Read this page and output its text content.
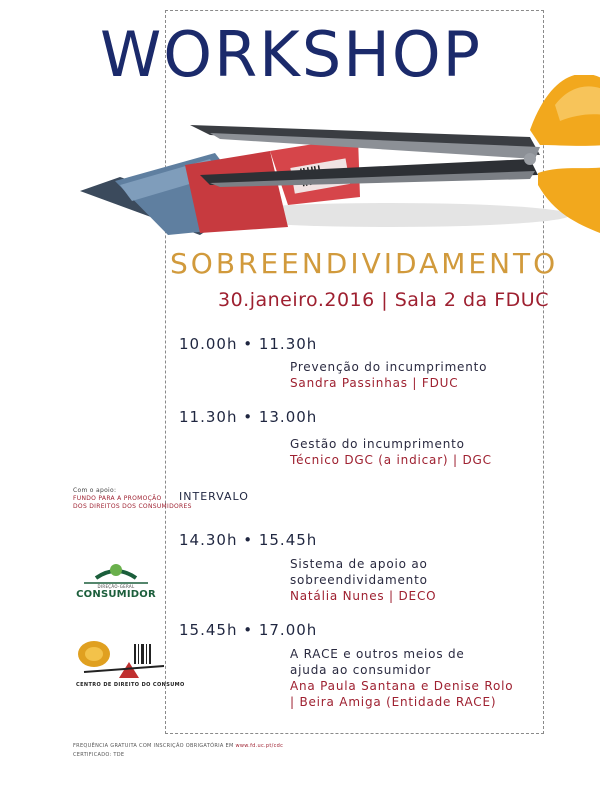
WORKSHOP
SOBREENDIVIDAMENTO
30.janeiro.2016 | Sala 2 da FDUC
10.00h • 11.30h
Prevenção do incumprimento
Sandra Passinhas | FDUC
11.30h • 13.00h
Gestão do incumprimento
Técnico DGC (a indicar) | DGC
INTERVALO
14.30h • 15.45h
Sistema de apoio ao
sobreendividamento
Natália Nunes | DECO
15.45h • 17.00h
A RACE e outros meios de
ajuda ao consumidor
Ana Paula Santana e Denise Rolo
| Beira Amiga (Entidade RACE)
Com o apoio:
FUNDO PARA A PROMOÇÃO
DOS DIREITOS DOS CONSUMIDORES
DIREÇÃO-GERAL
CONSUMIDOR
CENTRO DE DIREITO DO CONSUMO
FREQUÊNCIA GRATUITA COM INSCRIÇÃO OBRIGATÓRIA EM www.fd.uc.pt/cdc
CERTIFICADO: TDE
